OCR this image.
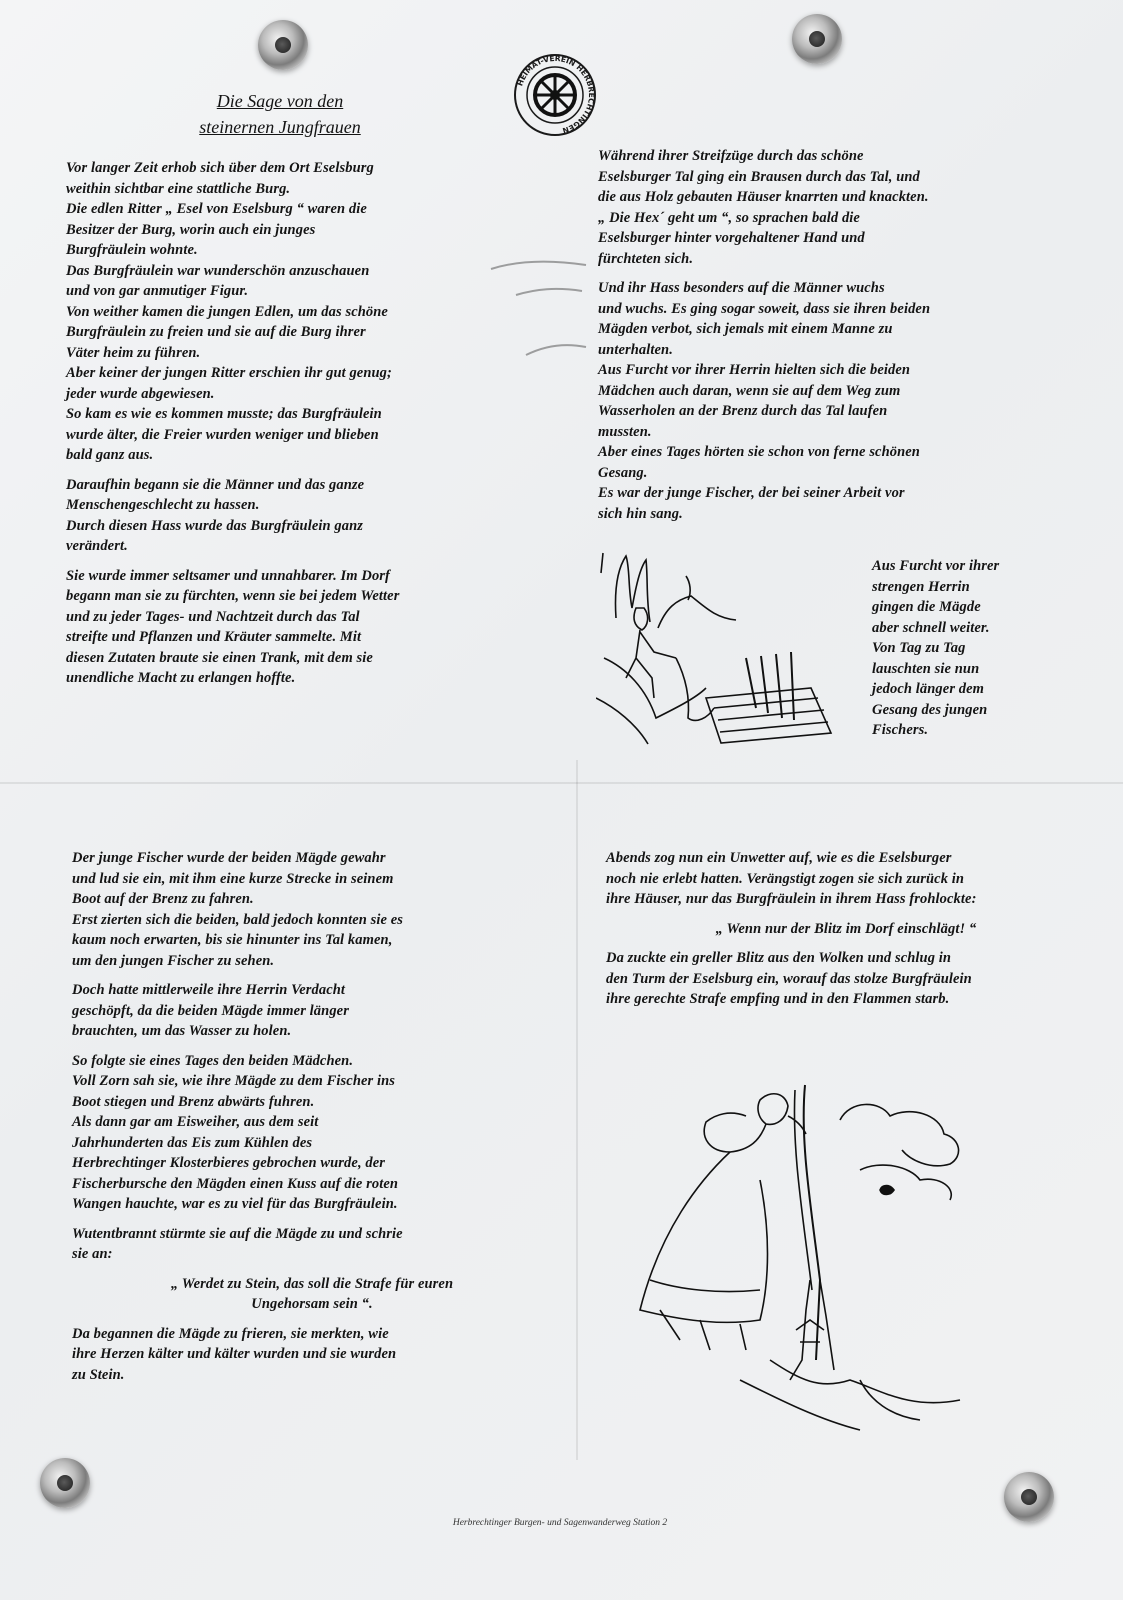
Die Sage von den
steinernen Jungfrauen
HEIMAT-VEREIN HERBRECHTINGEN

Vor langer Zeit erhob sich über dem Ort Eselsburg
weithin sichtbar eine stattliche Burg.
Die edlen Ritter „ Esel von Eselsburg “ waren die
Besitzer der Burg, worin auch ein junges
Burgfräulein wohnte.
Das Burgfräulein war wunderschön anzuschauen
und von gar anmutiger Figur.
Von weither kamen die jungen Edlen, um das schöne
Burgfräulein zu freien und sie auf die Burg ihrer
Väter heim zu führen.
Aber keiner der jungen Ritter erschien ihr gut genug;
jeder wurde abgewiesen.
So kam es wie es kommen musste; das Burgfräulein
wurde älter, die Freier wurden weniger und blieben
bald ganz aus.

Daraufhin begann sie die Männer und das ganze
Menschengeschlecht zu hassen.
Durch diesen Hass wurde das Burgfräulein ganz
verändert.

Sie wurde immer seltsamer und unnahbarer. Im Dorf
begann man sie zu fürchten, wenn sie bei jedem Wetter
und zu jeder Tages- und Nachtzeit durch das Tal
streifte und Pflanzen und Kräuter sammelte. Mit
diesen Zutaten braute sie einen Trank, mit dem sie
unendliche Macht zu erlangen hoffte.

Während ihrer Streifzüge durch das schöne
Eselsburger Tal ging ein Brausen durch das Tal, und
die aus Holz gebauten Häuser knarrten und knackten.
„ Die Hex´ geht um “, so sprachen bald die
Eselsburger hinter vorgehaltener Hand und
fürchteten sich.

Und ihr Hass besonders auf die Männer wuchs
und wuchs. Es ging sogar soweit, dass sie ihren beiden
Mägden verbot, sich jemals mit einem Manne zu
unterhalten.
Aus Furcht vor ihrer Herrin hielten sich die beiden
Mädchen auch daran, wenn sie auf dem Weg zum
Wasserholen an der Brenz durch das Tal laufen
mussten.
Aber eines Tages hörten sie schon von ferne schönen
Gesang.
Es war der junge Fischer, der bei seiner Arbeit vor
sich hin sang.

Aus Furcht vor ihrer
strengen Herrin
gingen die Mägde
aber schnell weiter.
Von Tag zu Tag
lauschten sie nun
jedoch länger dem
Gesang des jungen
Fischers.

Der junge Fischer wurde der beiden Mägde gewahr
und lud sie ein, mit ihm eine kurze Strecke in seinem
Boot auf der Brenz zu fahren.
Erst zierten sich die beiden, bald jedoch konnten sie es
kaum noch erwarten, bis sie hinunter ins Tal kamen,
um den jungen Fischer zu sehen.

Doch hatte mittlerweile ihre Herrin Verdacht
geschöpft, da die beiden Mägde immer länger
brauchten, um das Wasser zu holen.

So folgte sie eines Tages den beiden Mädchen.
Voll Zorn sah sie, wie ihre Mägde zu dem Fischer ins
Boot stiegen und Brenz abwärts fuhren.
Als dann gar am Eisweiher, aus dem seit
Jahrhunderten das Eis zum Kühlen des
Herbrechtinger Klosterbieres gebrochen wurde, der
Fischerbursche den Mägden einen Kuss auf die roten
Wangen hauchte, war es zu viel für das Burgfräulein.

Wutentbrannt stürmte sie auf die Mägde zu und schrie
sie an:

„ Werdet zu Stein, das soll die Strafe für euren
Ungehorsam sein “.

Da begannen die Mägde zu frieren, sie merkten, wie
ihre Herzen kälter und kälter wurden und sie wurden
zu Stein.

Abends zog nun ein Unwetter auf, wie es die Eselsburger
noch nie erlebt hatten. Verängstigt zogen sie sich zurück in
ihre Häuser, nur das Burgfräulein in ihrem Hass frohlockte:

„ Wenn nur der Blitz im Dorf einschlägt! “

Da zuckte ein greller Blitz aus den Wolken und schlug in
den Turm der Eselsburg ein, worauf das stolze Burgfräulein
ihre gerechte Strafe empfing und in den Flammen starb.

Herbrechtinger Burgen- und Sagenwanderweg Station 2
